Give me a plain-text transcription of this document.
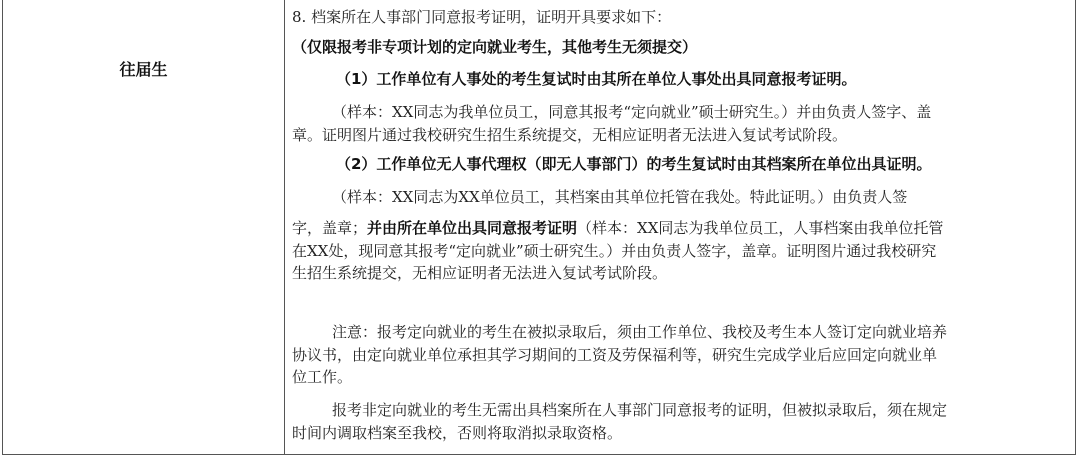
往届生
8. 档案所在人事部门同意报考证明，证明开具要求如下：
（仅限报考非专项计划的定向就业考生，其他考生无须提交）
（1）工作单位有人事处的考生复试时由其所在单位人事处出具同意报考证明。
（样本：XX同志为我单位员工，同意其报考“定向就业”硕士研究生。）并由负责人签字、盖
章。证明图片通过我校研究生招生系统提交，无相应证明者无法进入复试考试阶段。
（2）工作单位无人事代理权（即无人事部门）的考生复试时由其档案所在单位出具证明。
（样本：XX同志为XX单位员工，其档案由其单位托管在我处。特此证明。）由负责人签
字，盖章；并由所在单位出具同意报考证明（样本：XX同志为我单位员工，人事档案由我单位托管
在XX处，现同意其报考“定向就业”硕士研究生。）并由负责人签字，盖章。证明图片通过我校研究
生招生系统提交，无相应证明者无法进入复试考试阶段。
注意：报考定向就业的考生在被拟录取后，须由工作单位、我校及考生本人签订定向就业培养
协议书，由定向就业单位承担其学习期间的工资及劳保福利等，研究生完成学业后应回定向就业单
位工作。
报考非定向就业的考生无需出具档案所在人事部门同意报考的证明，但被拟录取后，须在规定
时间内调取档案至我校，否则将取消拟录取资格。
